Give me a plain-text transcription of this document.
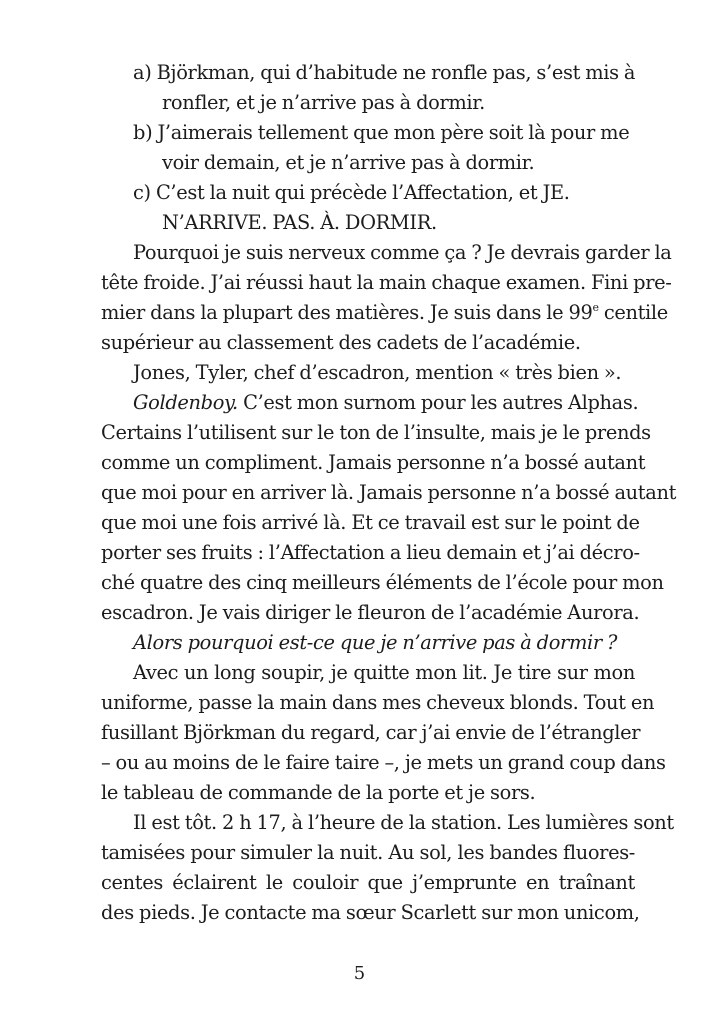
a) Björkman, qui d’habitude ne ronfle pas, s’est mis à
ronfler, et je n’arrive pas à dormir.
b) J’aimerais tellement que mon père soit là pour me
voir demain, et je n’arrive pas à dormir.
c) C’est la nuit qui précède l’Affectation, et JE.
N’ARRIVE. PAS. À. DORMIR.
Pourquoi je suis nerveux comme ça ? Je devrais garder la
tête froide. J’ai réussi haut la main chaque examen. Fini pre-
mier dans la plupart des matières. Je suis dans le 99e centile
supérieur au classement des cadets de l’académie.
Jones, Tyler, chef d’escadron, mention « très bien ».
Goldenboy. C’est mon surnom pour les autres Alphas.
Certains l’utilisent sur le ton de l’insulte, mais je le prends
comme un compliment. Jamais personne n’a bossé autant
que moi pour en arriver là. Jamais personne n’a bossé autant
que moi une fois arrivé là. Et ce travail est sur le point de
porter ses fruits : l’Affectation a lieu demain et j’ai décro-
ché quatre des cinq meilleurs éléments de l’école pour mon
escadron. Je vais diriger le fleuron de l’académie Aurora.
Alors pourquoi est-ce que je n’arrive pas à dormir ?
Avec un long soupir, je quitte mon lit. Je tire sur mon
uniforme, passe la main dans mes cheveux blonds. Tout en
fusillant Björkman du regard, car j’ai envie de l’étrangler
– ou au moins de le faire taire –, je mets un grand coup dans
le tableau de commande de la porte et je sors.
Il est tôt. 2 h 17, à l’heure de la station. Les lumières sont
tamisées pour simuler la nuit. Au sol, les bandes fluores-
centes éclairent le couloir que j’emprunte en traînant
des pieds. Je contacte ma sœur Scarlett sur mon unicom,
5
